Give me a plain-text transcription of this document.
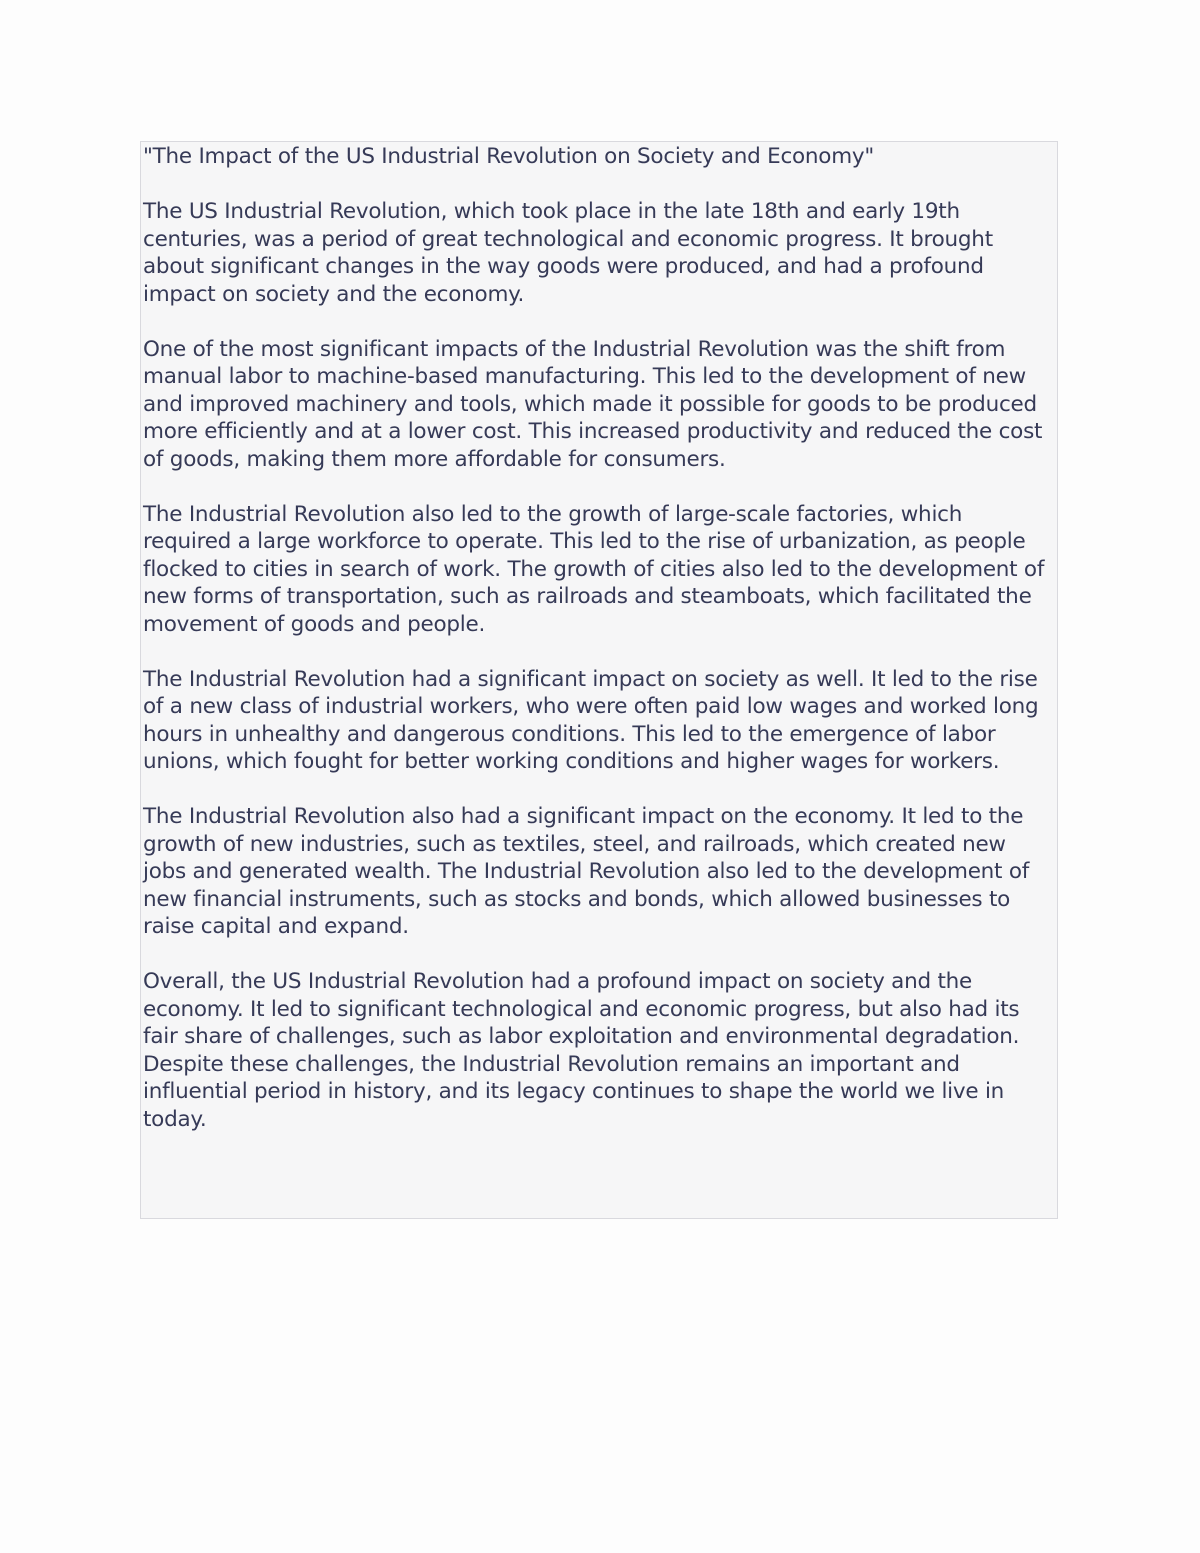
"The Impact of the US Industrial Revolution on Society and Economy"

The US Industrial Revolution, which took place in the late 18th and early 19th centuries, was a period of great technological and economic progress. It brought about significant changes in the way goods were produced, and had a profound impact on society and the economy.

One of the most significant impacts of the Industrial Revolution was the shift from manual labor to machine-based manufacturing. This led to the development of new and improved machinery and tools, which made it possible for goods to be produced more efficiently and at a lower cost. This increased productivity and reduced the cost of goods, making them more affordable for consumers.

The Industrial Revolution also led to the growth of large-scale factories, which required a large workforce to operate. This led to the rise of urbanization, as people flocked to cities in search of work. The growth of cities also led to the development of new forms of transportation, such as railroads and steamboats, which facilitated the movement of goods and people.

The Industrial Revolution had a significant impact on society as well. It led to the rise of a new class of industrial workers, who were often paid low wages and worked long hours in unhealthy and dangerous conditions. This led to the emergence of labor unions, which fought for better working conditions and higher wages for workers.

The Industrial Revolution also had a significant impact on the economy. It led to the growth of new industries, such as textiles, steel, and railroads, which created new jobs and generated wealth. The Industrial Revolution also led to the development of new financial instruments, such as stocks and bonds, which allowed businesses to raise capital and expand.

Overall, the US Industrial Revolution had a profound impact on society and the economy. It led to significant technological and economic progress, but also had its fair share of challenges, such as labor exploitation and environmental degradation. Despite these challenges, the Industrial Revolution remains an important and influential period in history, and its legacy continues to shape the world we live in today.
